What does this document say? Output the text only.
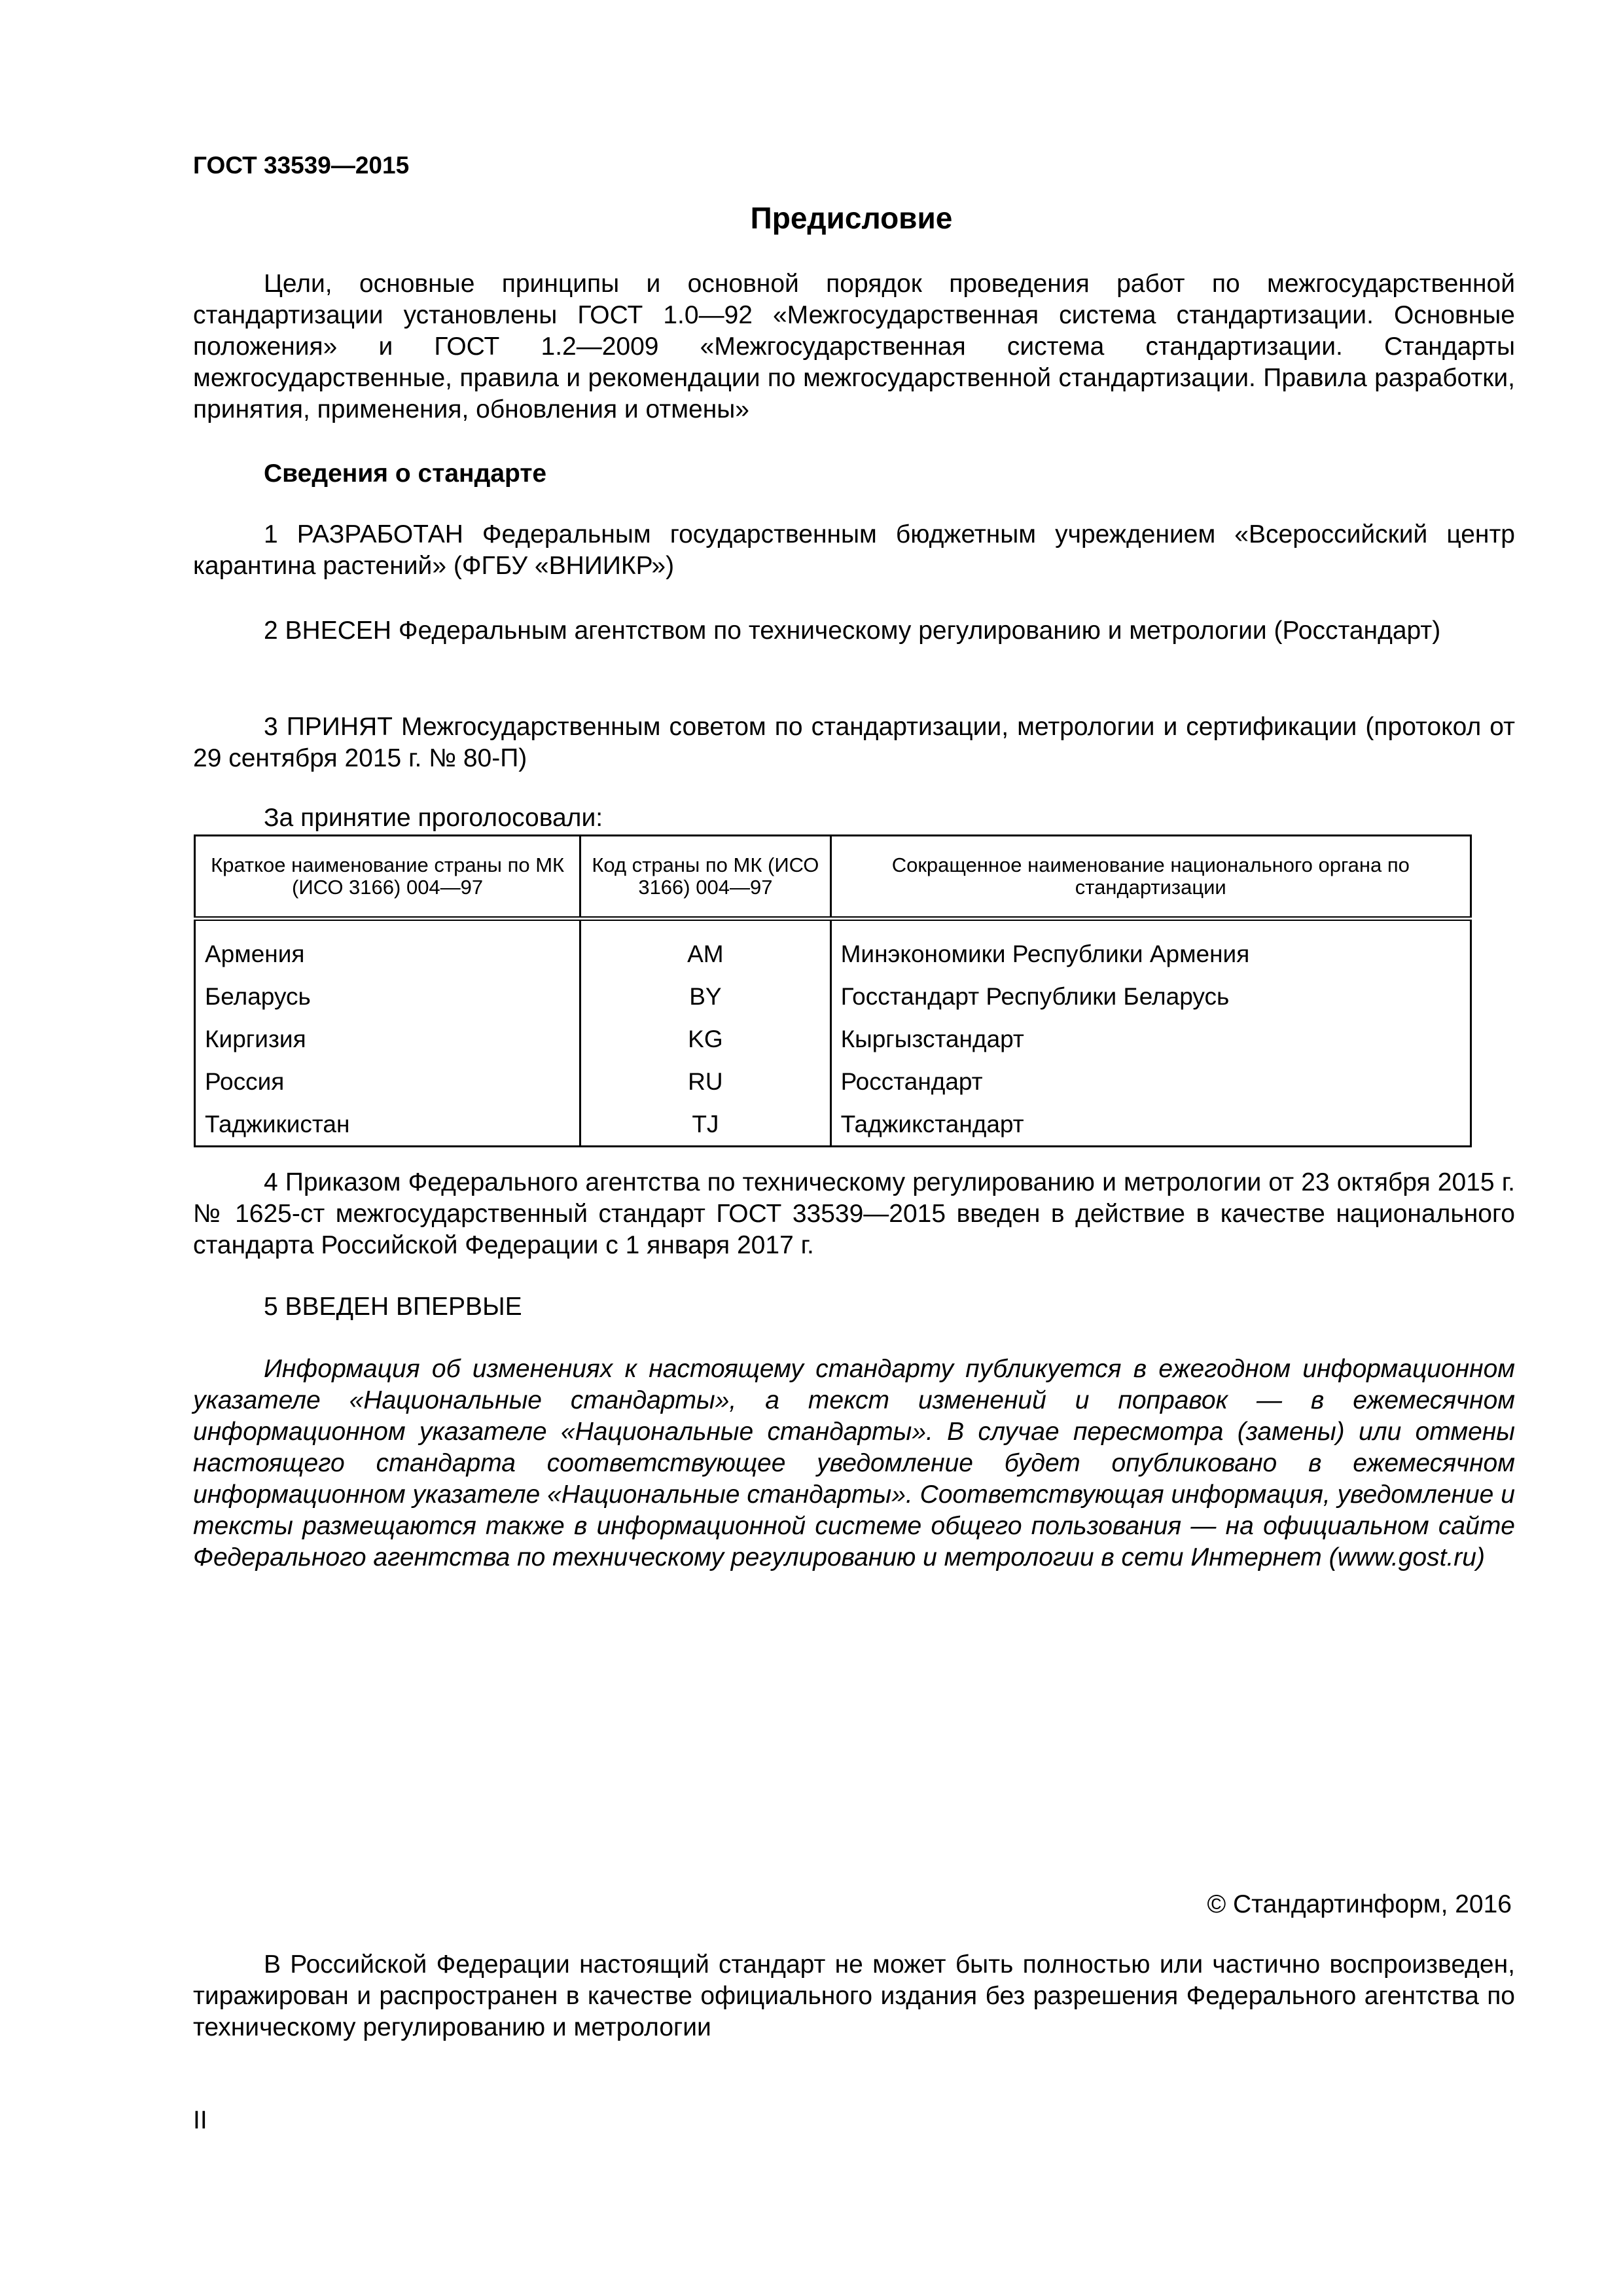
ГОСТ 33539—2015
Предисловие

Цели, основные принципы и основной порядок проведения работ по межгосударственной стандартизации установлены ГОСТ 1.0—92 «Межгосударственная система стандартизации. Основные положения» и ГОСТ 1.2—2009 «Межгосударственная система стандартизации. Стандарты межгосударственные, правила и рекомендации по межгосударственной стандартизации. Правила разработки, принятия, применения, обновления и отмены»

Сведения о стандарте

1 РАЗРАБОТАН Федеральным государственным бюджетным учреждением «Всероссийский центр карантина растений» (ФГБУ «ВНИИКР»)

2 ВНЕСЕН Федеральным агентством по техническому регулированию и метрологии (Росстандарт)

3 ПРИНЯТ Межгосударственным советом по стандартизации, метрологии и сертификации (протокол от 29 сентября 2015 г. № 80-П)

За принятие проголосовали:
Краткое наименование страны по МК (ИСО 3166) 004—97	Код страны по МК (ИСО 3166) 004—97	Сокращенное наименование национального органа по стандартизации
Армения	AM	Минэкономики Республики Армения
Беларусь	BY	Госстандарт Республики Беларусь
Киргизия	KG	Кыргызстандарт
Россия	RU	Росстандарт
Таджикистан	TJ	Таджикстандарт

4 Приказом Федерального агентства по техническому регулированию и метрологии от 23 октября 2015 г. № 1625-ст межгосударственный стандарт ГОСТ 33539—2015 введен в действие в качестве национального стандарта Российской Федерации с 1 января 2017 г.

5 ВВЕДЕН ВПЕРВЫЕ

Информация об изменениях к настоящему стандарту публикуется в ежегодном информационном указателе «Национальные стандарты», а текст изменений и поправок — в ежемесячном информационном указателе «Национальные стандарты». В случае пересмотра (замены) или отмены настоящего стандарта соответствующее уведомление будет опубликовано в ежемесячном информационном указателе «Национальные стандарты». Соответствующая информация, уведомление и тексты размещаются также в информационной системе общего пользования — на официальном сайте Федерального агентства по техническому регулированию и метрологии в сети Интернет (www.gost.ru)

© Стандартинформ, 2016

В Российской Федерации настоящий стандарт не может быть полностью или частично воспроизведен, тиражирован и распространен в качестве официального издания без разрешения Федерального агентства по техническому регулированию и метрологии

II
